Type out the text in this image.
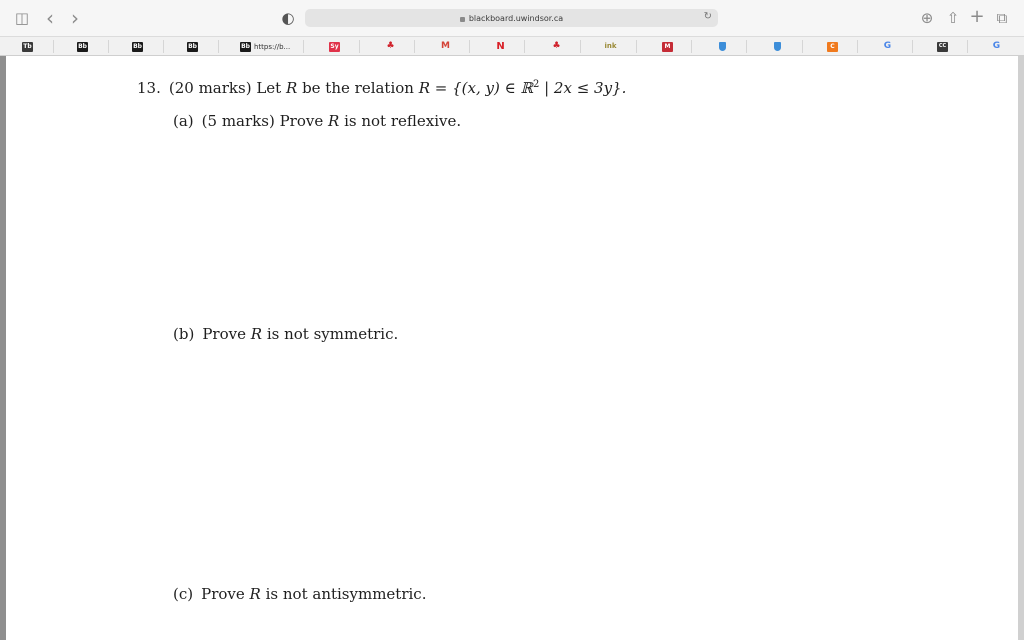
◫ ‹ ›	◐	blackboard.uwindsor.ca	↻	⊕ ⇧ + ⧉
Tb	Bb	Bb	Bb	Bb https://b...	Sy	♣	M	N	♣	ink	M	C	G	CC	G
13. (20 marks) Let R be the relation R = {(x, y) ∈ ℝ$^2$ | 2x ≤ 3y}.
(a) (5 marks) Prove R is not reflexive.
(b) Prove R is not symmetric.
(c) Prove R is not antisymmetric.
